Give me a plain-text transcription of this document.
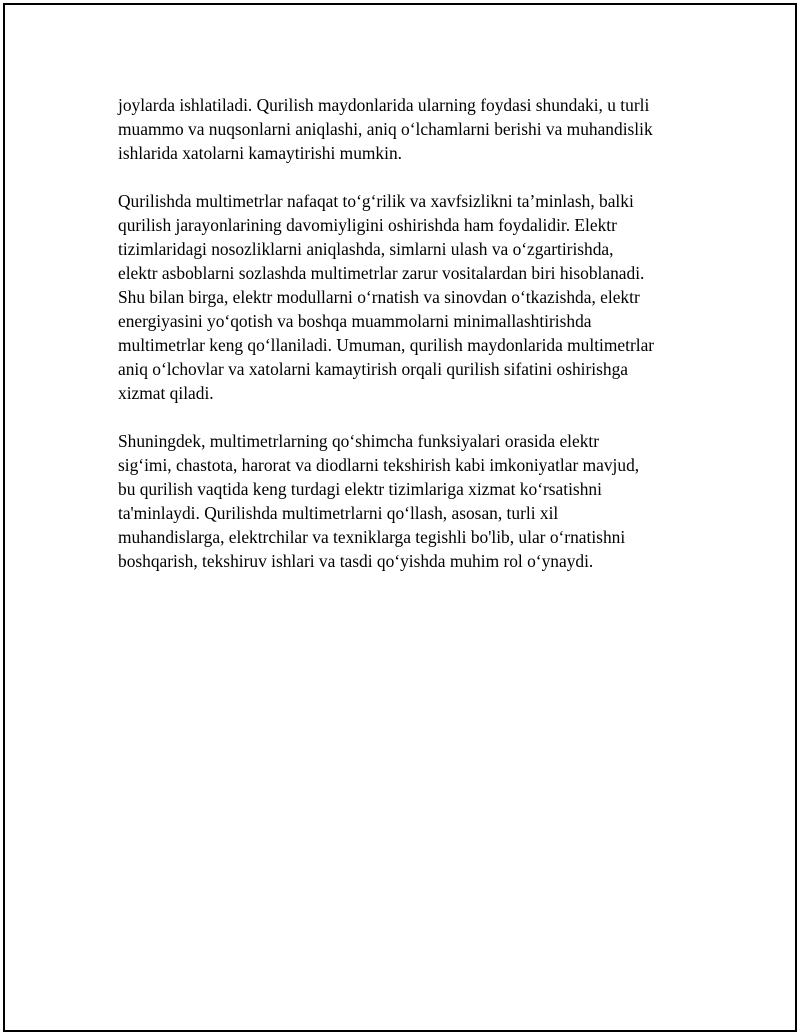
joylarda ishlatiladi. Qurilish maydonlarida ularning foydasi shundaki, u turli
muammo va nuqsonlarni aniqlashi, aniq o‘lchamlarni berishi va muhandislik
ishlarida xatolarni kamaytirishi mumkin.
Qurilishda multimetrlar nafaqat to‘g‘rilik va xavfsizlikni ta’minlash, balki
qurilish jarayonlarining davomiyligini oshirishda ham foydalidir. Elektr
tizimlaridagi nosozliklarni aniqlashda, simlarni ulash va o‘zgartirishda,
elektr asboblarni sozlashda multimetrlar zarur vositalardan biri hisoblanadi.
Shu bilan birga, elektr modullarni o‘rnatish va sinovdan o‘tkazishda, elektr
energiyasini yo‘qotish va boshqa muammolarni minimallashtirishda
multimetrlar keng qo‘llaniladi. Umuman, qurilish maydonlarida multimetrlar
aniq o‘lchovlar va xatolarni kamaytirish orqali qurilish sifatini oshirishga
xizmat qiladi.
Shuningdek, multimetrlarning qo‘shimcha funksiyalari orasida elektr
sig‘imi, chastota, harorat va diodlarni tekshirish kabi imkoniyatlar mavjud,
bu qurilish vaqtida keng turdagi elektr tizimlariga xizmat ko‘rsatishni
ta'minlaydi. Qurilishda multimetrlarni qo‘llash, asosan, turli xil
muhandislarga, elektrchilar va texniklarga tegishli bo'lib, ular o‘rnatishni
boshqarish, tekshiruv ishlari va tasdi qo‘yishda muhim rol o‘ynaydi.
